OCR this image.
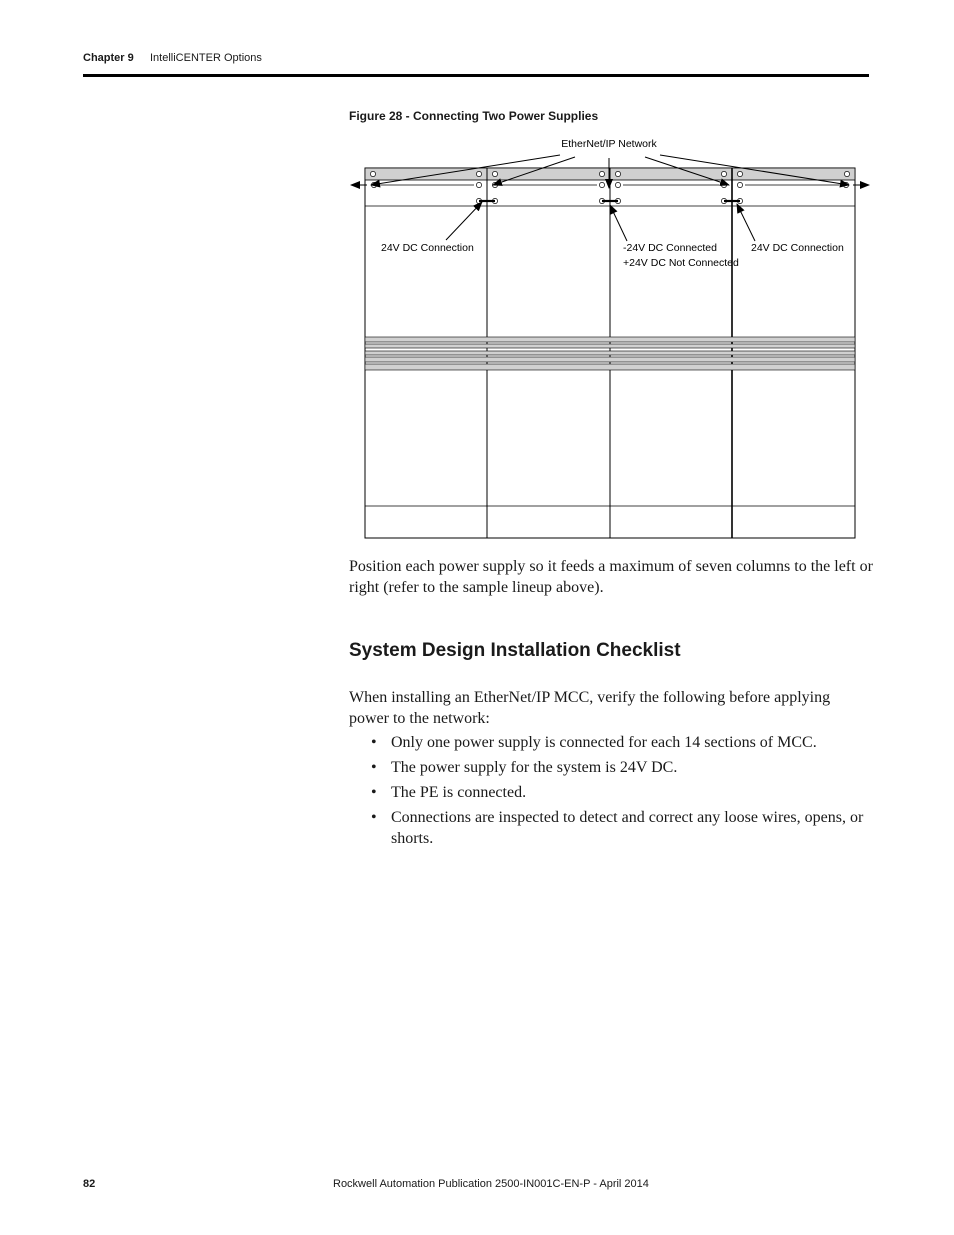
Chapter 9 IntelliCENTER Options
Figure 28 - Connecting Two Power Supplies
EtherNet/IP Network
24V DC Connection	-24V DC Connected
+24V DC Not Connected
24V DC Connection
Position each power supply so it feeds a maximum of seven columns to the left or right (refer to the sample lineup above).
System Design Installation Checklist
When installing an EtherNet/IP MCC, verify the following before applying power to the network:
• Only one power supply is connected for each 14 sections of MCC.
• The power supply for the system is 24V DC.
• The PE is connected.
• Connections are inspected to detect and correct any loose wires, opens, or shorts.
82	Rockwell Automation Publication 2500-IN001C-EN-P - April 2014
